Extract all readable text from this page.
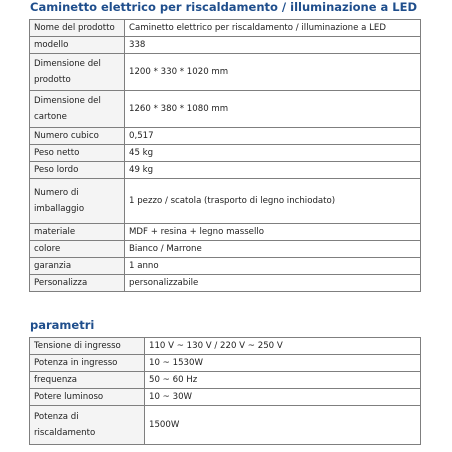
Caminetto elettrico per riscaldamento / illuminazione a LED
Nome del prodotto	Caminetto elettrico per riscaldamento / illuminazione a LED
modello	338
Dimensione del prodotto	1200 * 330 * 1020 mm
Dimensione del cartone	1260 * 380 * 1080 mm
Numero cubico	0,517
Peso netto	45 kg
Peso lordo	49 kg
Numero di imballaggio	1 pezzo / scatola (trasporto di legno inchiodato)
materiale	MDF + resina + legno massello
colore	Bianco / Marrone
garanzia	1 anno
Personalizza	personalizzabile
parametri
Tensione di ingresso	110 V ~ 130 V / 220 V ~ 250 V
Potenza in ingresso	10 ~ 1530W
frequenza	50 ~ 60 Hz
Potere luminoso	10 ~ 30W
Potenza di riscaldamento	1500W
